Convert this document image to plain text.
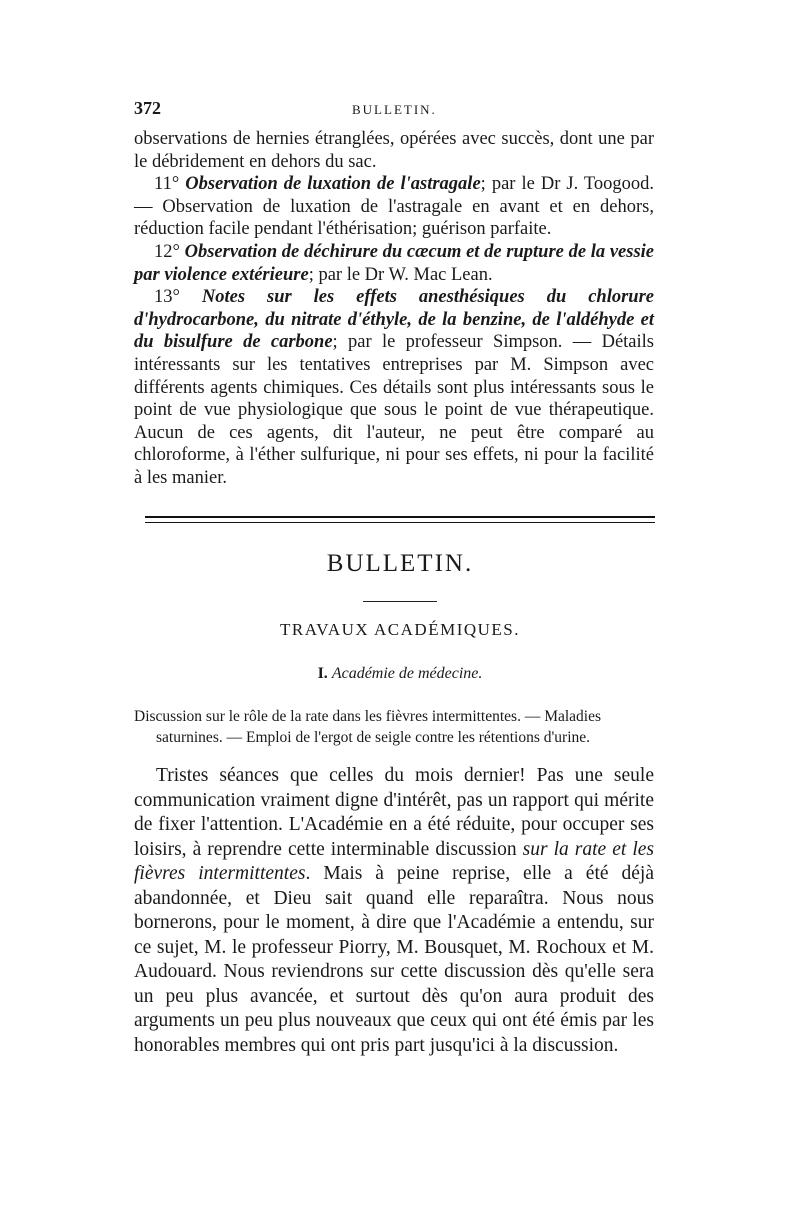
372	BULLETIN.

observations de hernies étranglées, opérées avec succès, dont une par le débridement en dehors du sac.

11° Observation de luxation de l'astragale; par le Dr J. Toogood. — Observation de luxation de l'astragale en avant et en dehors, réduction facile pendant l'éthérisation; guérison parfaite.

12° Observation de déchirure du cæcum et de rupture de la vessie par violence extérieure; par le Dr W. Mac Lean.

13° Notes sur les effets anesthésiques du chlorure d'hydrocarbone, du nitrate d'éthyle, de la benzine, de l'aldéhyde et du bisulfure de carbone; par le professeur Simpson. — Détails intéressants sur les tentatives entreprises par M. Simpson avec différents agents chimiques. Ces détails sont plus intéressants sous le point de vue physiologique que sous le point de vue thérapeutique. Aucun de ces agents, dit l'auteur, ne peut être comparé au chloroforme, à l'éther sulfurique, ni pour ses effets, ni pour la facilité à les manier.

BULLETIN.
TRAVAUX ACADÉMIQUES.
I. Académie de médecine.
Discussion sur le rôle de la rate dans les fièvres intermittentes. — Maladies
saturnines. — Emploi de l'ergot de seigle contre les rétentions d'urine.

Tristes séances que celles du mois dernier! Pas une seule communication vraiment digne d'intérêt, pas un rapport qui mérite de fixer l'attention. L'Académie en a été réduite, pour occuper ses loisirs, à reprendre cette interminable discussion sur la rate et les fièvres intermittentes. Mais à peine reprise, elle a été déjà abandonnée, et Dieu sait quand elle reparaîtra. Nous nous bornerons, pour le moment, à dire que l'Académie a entendu, sur ce sujet, M. le professeur Piorry, M. Bousquet, M. Rochoux et M. Audouard. Nous reviendrons sur cette discussion dès qu'elle sera un peu plus avancée, et surtout dès qu'on aura produit des arguments un peu plus nouveaux que ceux qui ont été émis par les honorables membres qui ont pris part jusqu'ici à la discussion.
